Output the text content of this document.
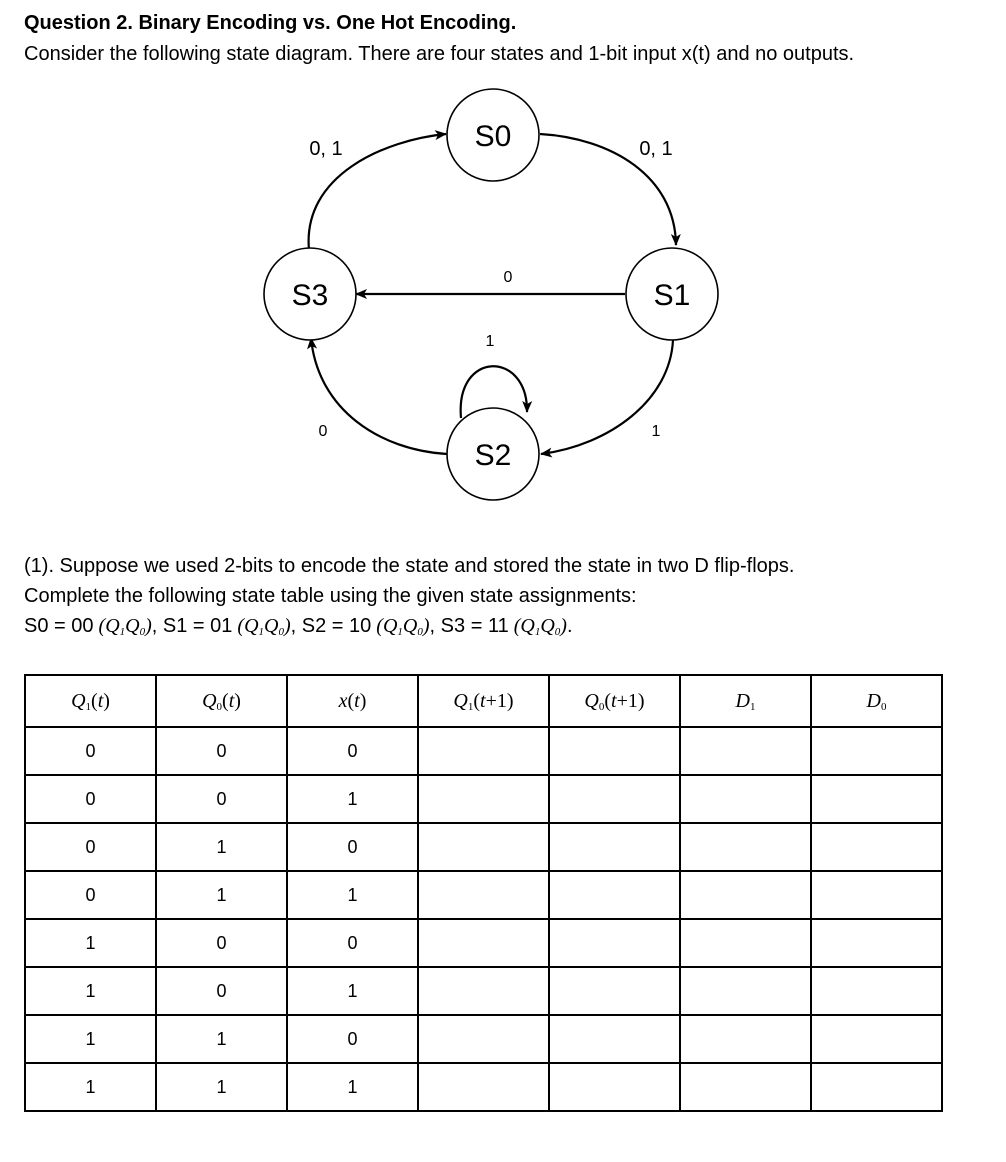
Question 2. Binary Encoding vs. One Hot Encoding.
Consider the following state diagram. There are four states and 1-bit input x(t) and no outputs.
S0
S1
S2
S3
0, 1	0, 1
0
1
0	1
(1). Suppose we used 2-bits to encode the state and stored the state in two D flip-flops.
Complete the following state table using the given state assignments:
S0 = 00 $(Q_1Q_0)$, S1 = 01 $(Q_1Q_0)$, S2 = 10 $(Q_1Q_0)$, S3 = 11 $(Q_1Q_0)$.
$Q_1(t)$	$Q_0(t)$	x(t)	$Q_1(t+1)$	$Q_0(t+1)$	$D_1$	$D_0$
0	0	0				
0	0	1				
0	1	0				
0	1	1				
1	0	0				
1	0	1				
1	1	0				
1	1	1				
